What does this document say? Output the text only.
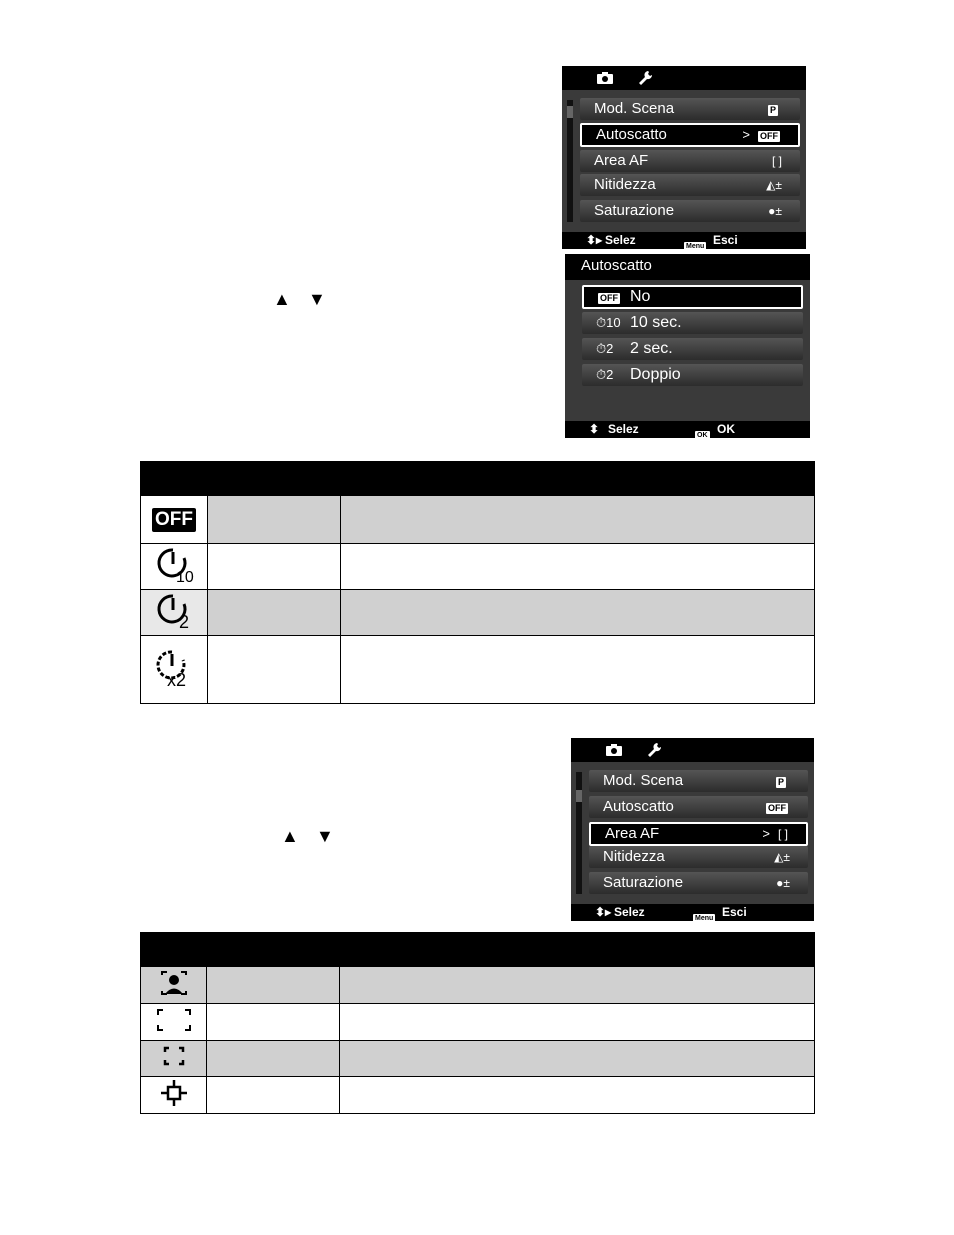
▲ ▼
▲ ▼
Mod. Scena	P
Autoscatto	> OFF
Area AF	[ ]
Nitidezza	◭±
Saturazione	●±
⬍▸ Selez	Menu Esci
Autoscatto
OFF No
⏱10 10 sec.
⏱2 2 sec.
⏱2 Doppio
⬍ Selez	OK OK

OFF		

10		

2		

x2		

Mod. Scena	P
Autoscatto	OFF
Area AF	> [ ]
Nitidezza	◭±
Saturazione	●±
⬍▸ Selez	Menu Esci
